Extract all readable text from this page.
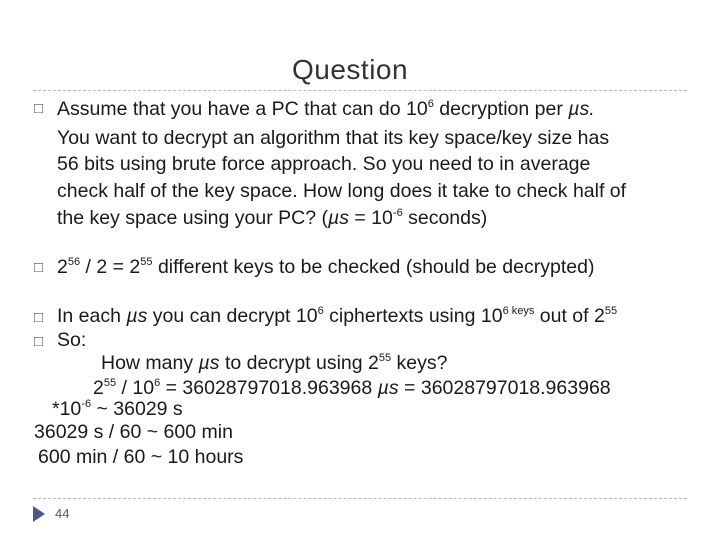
Question
□ Assume that you have a PC that can do $10^6$ decryption per µs.
You want to decrypt an algorithm that its key space/key size has
56 bits using brute force approach. So you need to in average
check half of the key space. How long does it take to check half of
the key space using your PC? ($\mu s = 10^{-6}$ seconds)
□ $2^{56} / 2 = 2^{55}$ different keys to be checked (should be decrypted)
□ In each µs you can decrypt $10^6$ ciphertexts using $10^{6 keys}$ out of $2^{55}$
□ So:
How many µs to decrypt using $2^{55}$ keys?
$2^{55} / 10^6 = 36028797018.963968$ µs = 36028797018.963968
$*10^{-6}$ ~ 36029 s
36029 s / 60 ~ 600 min
600 min / 60 ~ 10 hours
44
